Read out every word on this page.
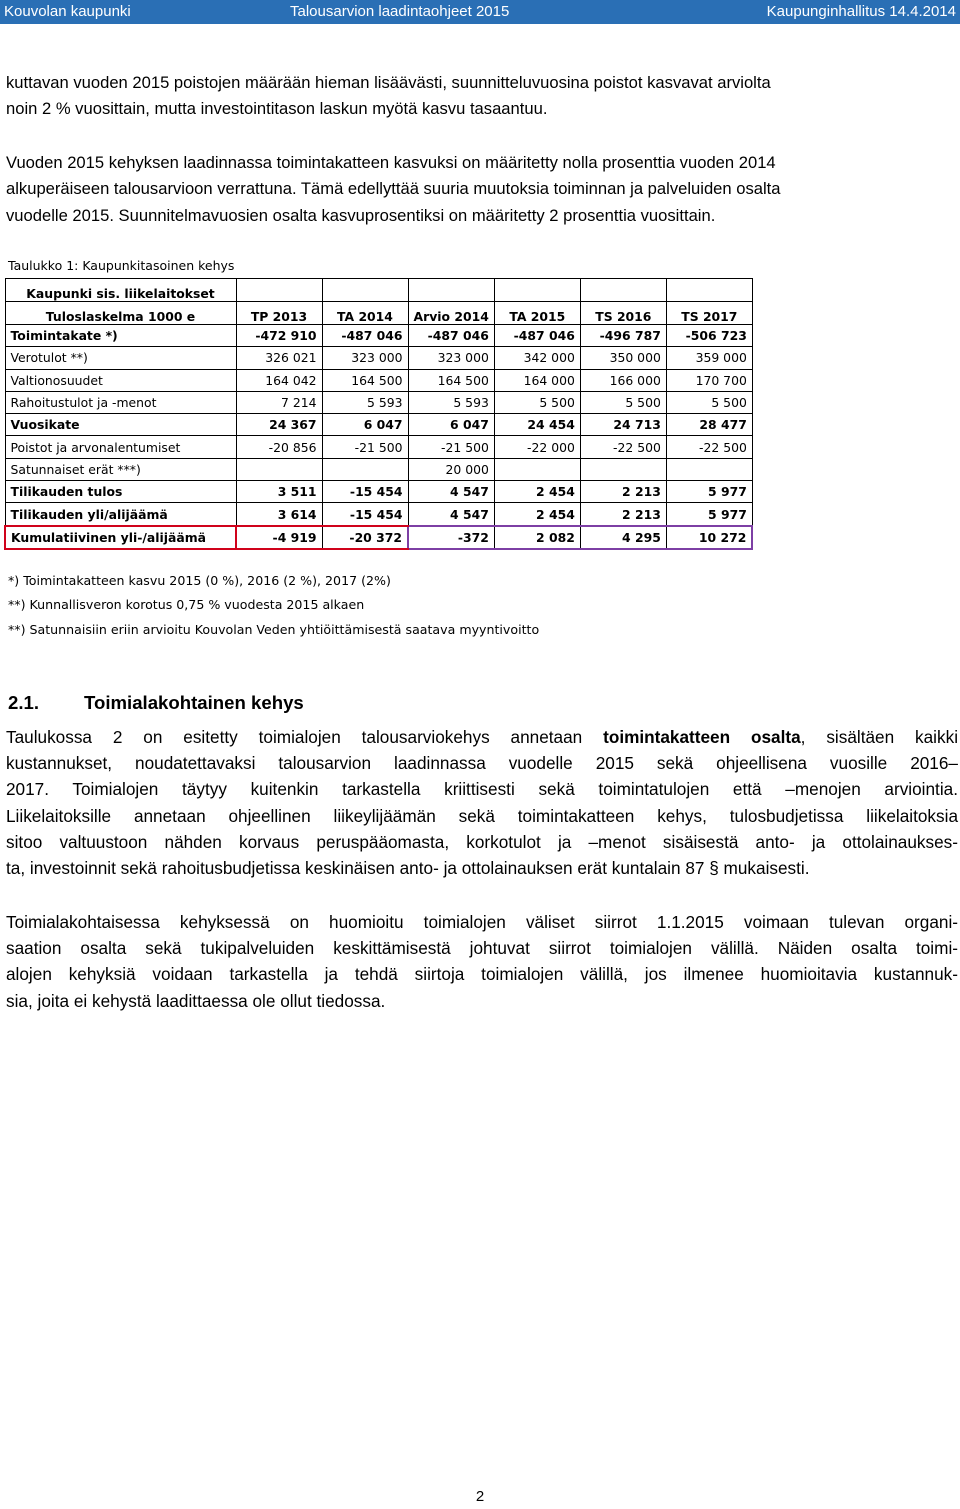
Kouvolan kaupunki	Talousarvion laadintaohjeet 2015	Kaupunginhallitus 14.4.2014
kuttavan vuoden 2015 poistojen määrään hieman lisäävästi, suunnitteluvuosina poistot kasvavat arviolta
noin 2 % vuosittain, mutta investointitason laskun myötä kasvu tasaantuu.
Vuoden 2015 kehyksen laadinnassa toimintakatteen kasvuksi on määritetty nolla prosenttia vuoden 2014
alkuperäiseen talousarvioon verrattuna. Tämä edellyttää suuria muutoksia toiminnan ja palveluiden osalta
vuodelle 2015. Suunnitelmavuosien osalta kasvuprosentiksi on määritetty 2 prosenttia vuosittain.
Taulukko 1: Kaupunkitasoinen kehys
Kaupunki sis. liikelaitokset						
Tuloslaskelma 1000 e	TP 2013	TA 2014	Arvio 2014	TA 2015	TS 2016	TS 2017
Toimintakate *)	-472 910	-487 046	-487 046	-487 046	-496 787	-506 723
Verotulot **)	326 021	323 000	323 000	342 000	350 000	359 000
Valtionosuudet	164 042	164 500	164 500	164 000	166 000	170 700
Rahoitustulot ja -menot	7 214	5 593	5 593	5 500	5 500	5 500
Vuosikate	24 367	6 047	6 047	24 454	24 713	28 477
Poistot ja arvonalentumiset	-20 856	-21 500	-21 500	-22 000	-22 500	-22 500
Satunnaiset erät ***)			20 000			
Tilikauden tulos	3 511	-15 454	4 547	2 454	2 213	5 977
Tilikauden yli/alijäämä	3 614	-15 454	4 547	2 454	2 213	5 977
Kumulatiivinen yli-/alijäämä	-4 919	-20 372	-372	2 082	4 295	10 272
*) Toimintakatteen kasvu 2015 (0 %), 2016 (2 %), 2017 (2%)
**) Kunnallisveron korotus 0,75 % vuodesta 2015 alkaen
**) Satunnaisiin eriin arvioitu Kouvolan Veden yhtiöittämisestä saatava myyntivoitto
2.1. Toimialakohtainen kehys
Taulukossa 2 on esitetty toimialojen talousarviokehys annetaan toimintakatteen osalta, sisältäen kaikki
kustannukset, noudatettavaksi talousarvion laadinnassa vuodelle 2015 sekä ohjeellisena vuosille 2016–
2017. Toimialojen täytyy kuitenkin tarkastella kriittisesti sekä toimintatulojen että –menojen arviointia.
Liikelaitoksille annetaan ohjeellinen liikeylijäämän sekä toimintakatteen kehys, tulosbudjetissa liikelaitoksia
sitoo valtuustoon nähden korvaus peruspääomasta, korkotulot ja –menot sisäisestä anto- ja ottolainaukses-
ta, investoinnit sekä rahoitusbudjetissa keskinäisen anto- ja ottolainauksen erät kuntalain 87 § mukaisesti.
Toimialakohtaisessa kehyksessä on huomioitu toimialojen väliset siirrot 1.1.2015 voimaan tulevan organi-
saation osalta sekä tukipalveluiden keskittämisestä johtuvat siirrot toimialojen välillä. Näiden osalta toimi-
alojen kehyksiä voidaan tarkastella ja tehdä siirtoja toimialojen välillä, jos ilmenee huomioitavia kustannuk-
sia, joita ei kehystä laadittaessa ole ollut tiedossa.
2
